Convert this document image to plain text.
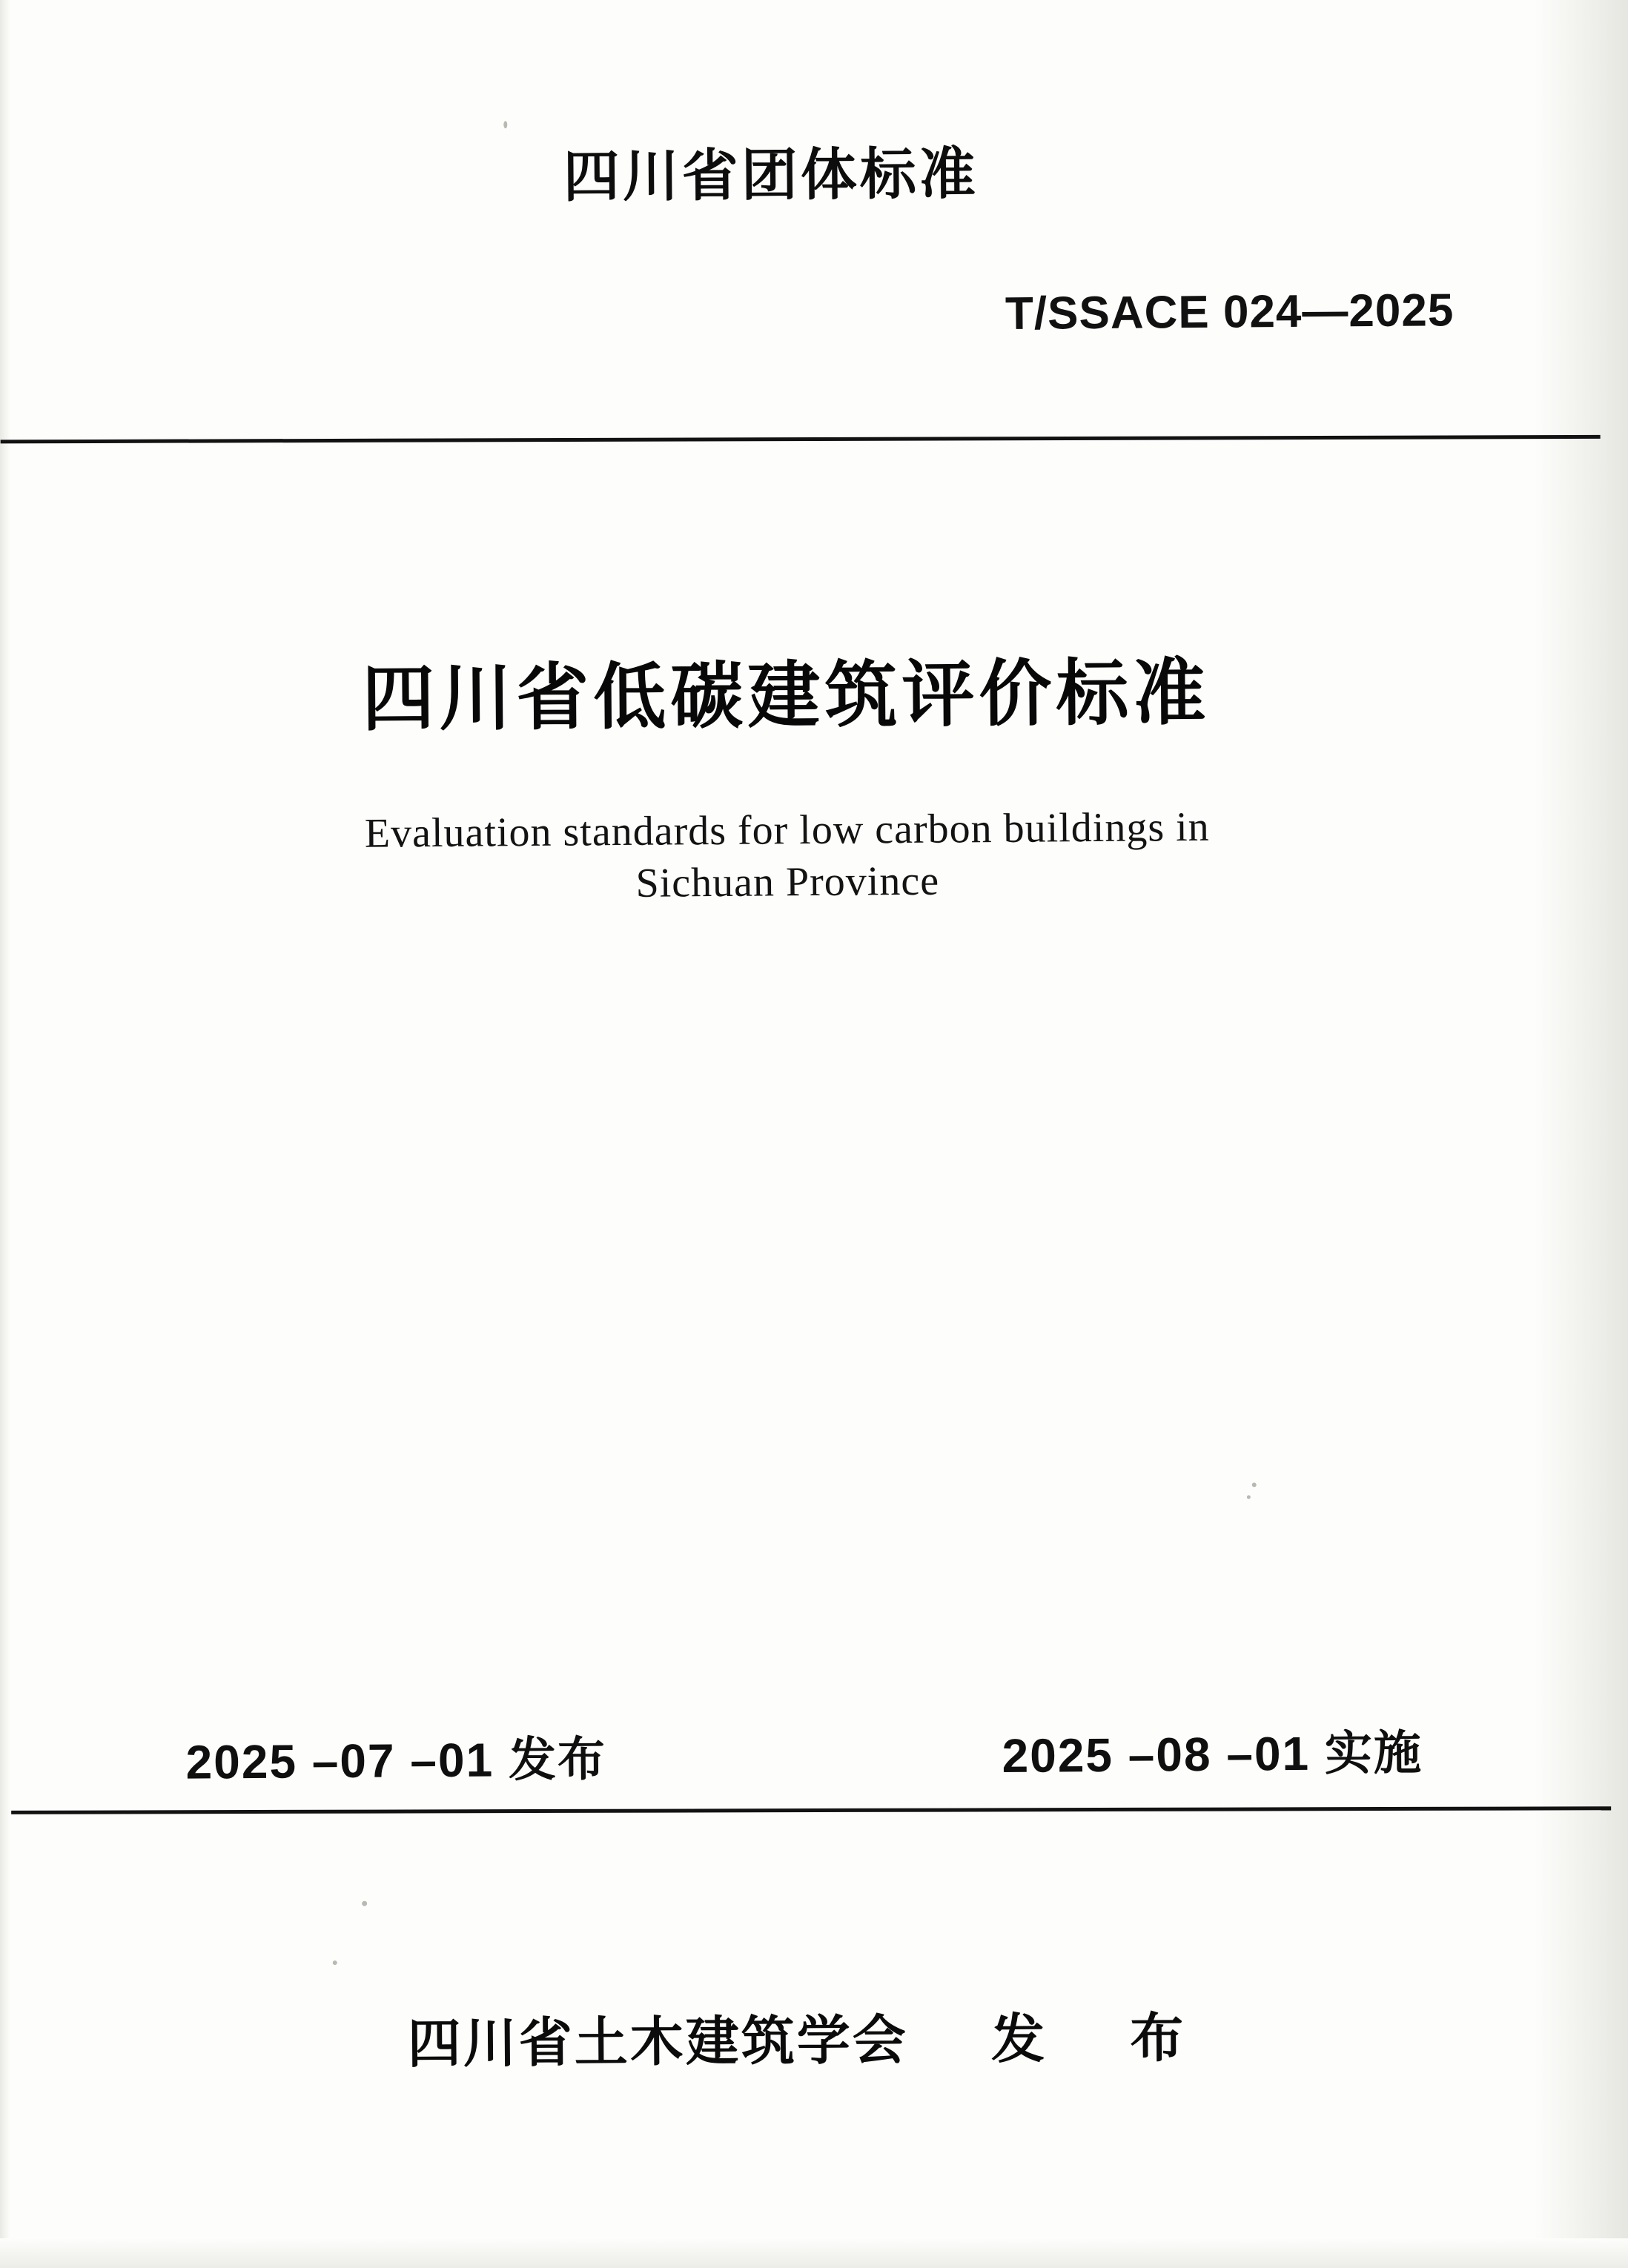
四川省团体标准
T/SSACE 024—2025
四川省低碳建筑评价标准
Evaluation standards for low carbon buildings in
Sichuan Province
2025 –07 –01 发布	2025 –08 –01 实施
四川省土木建筑学会    发    布
